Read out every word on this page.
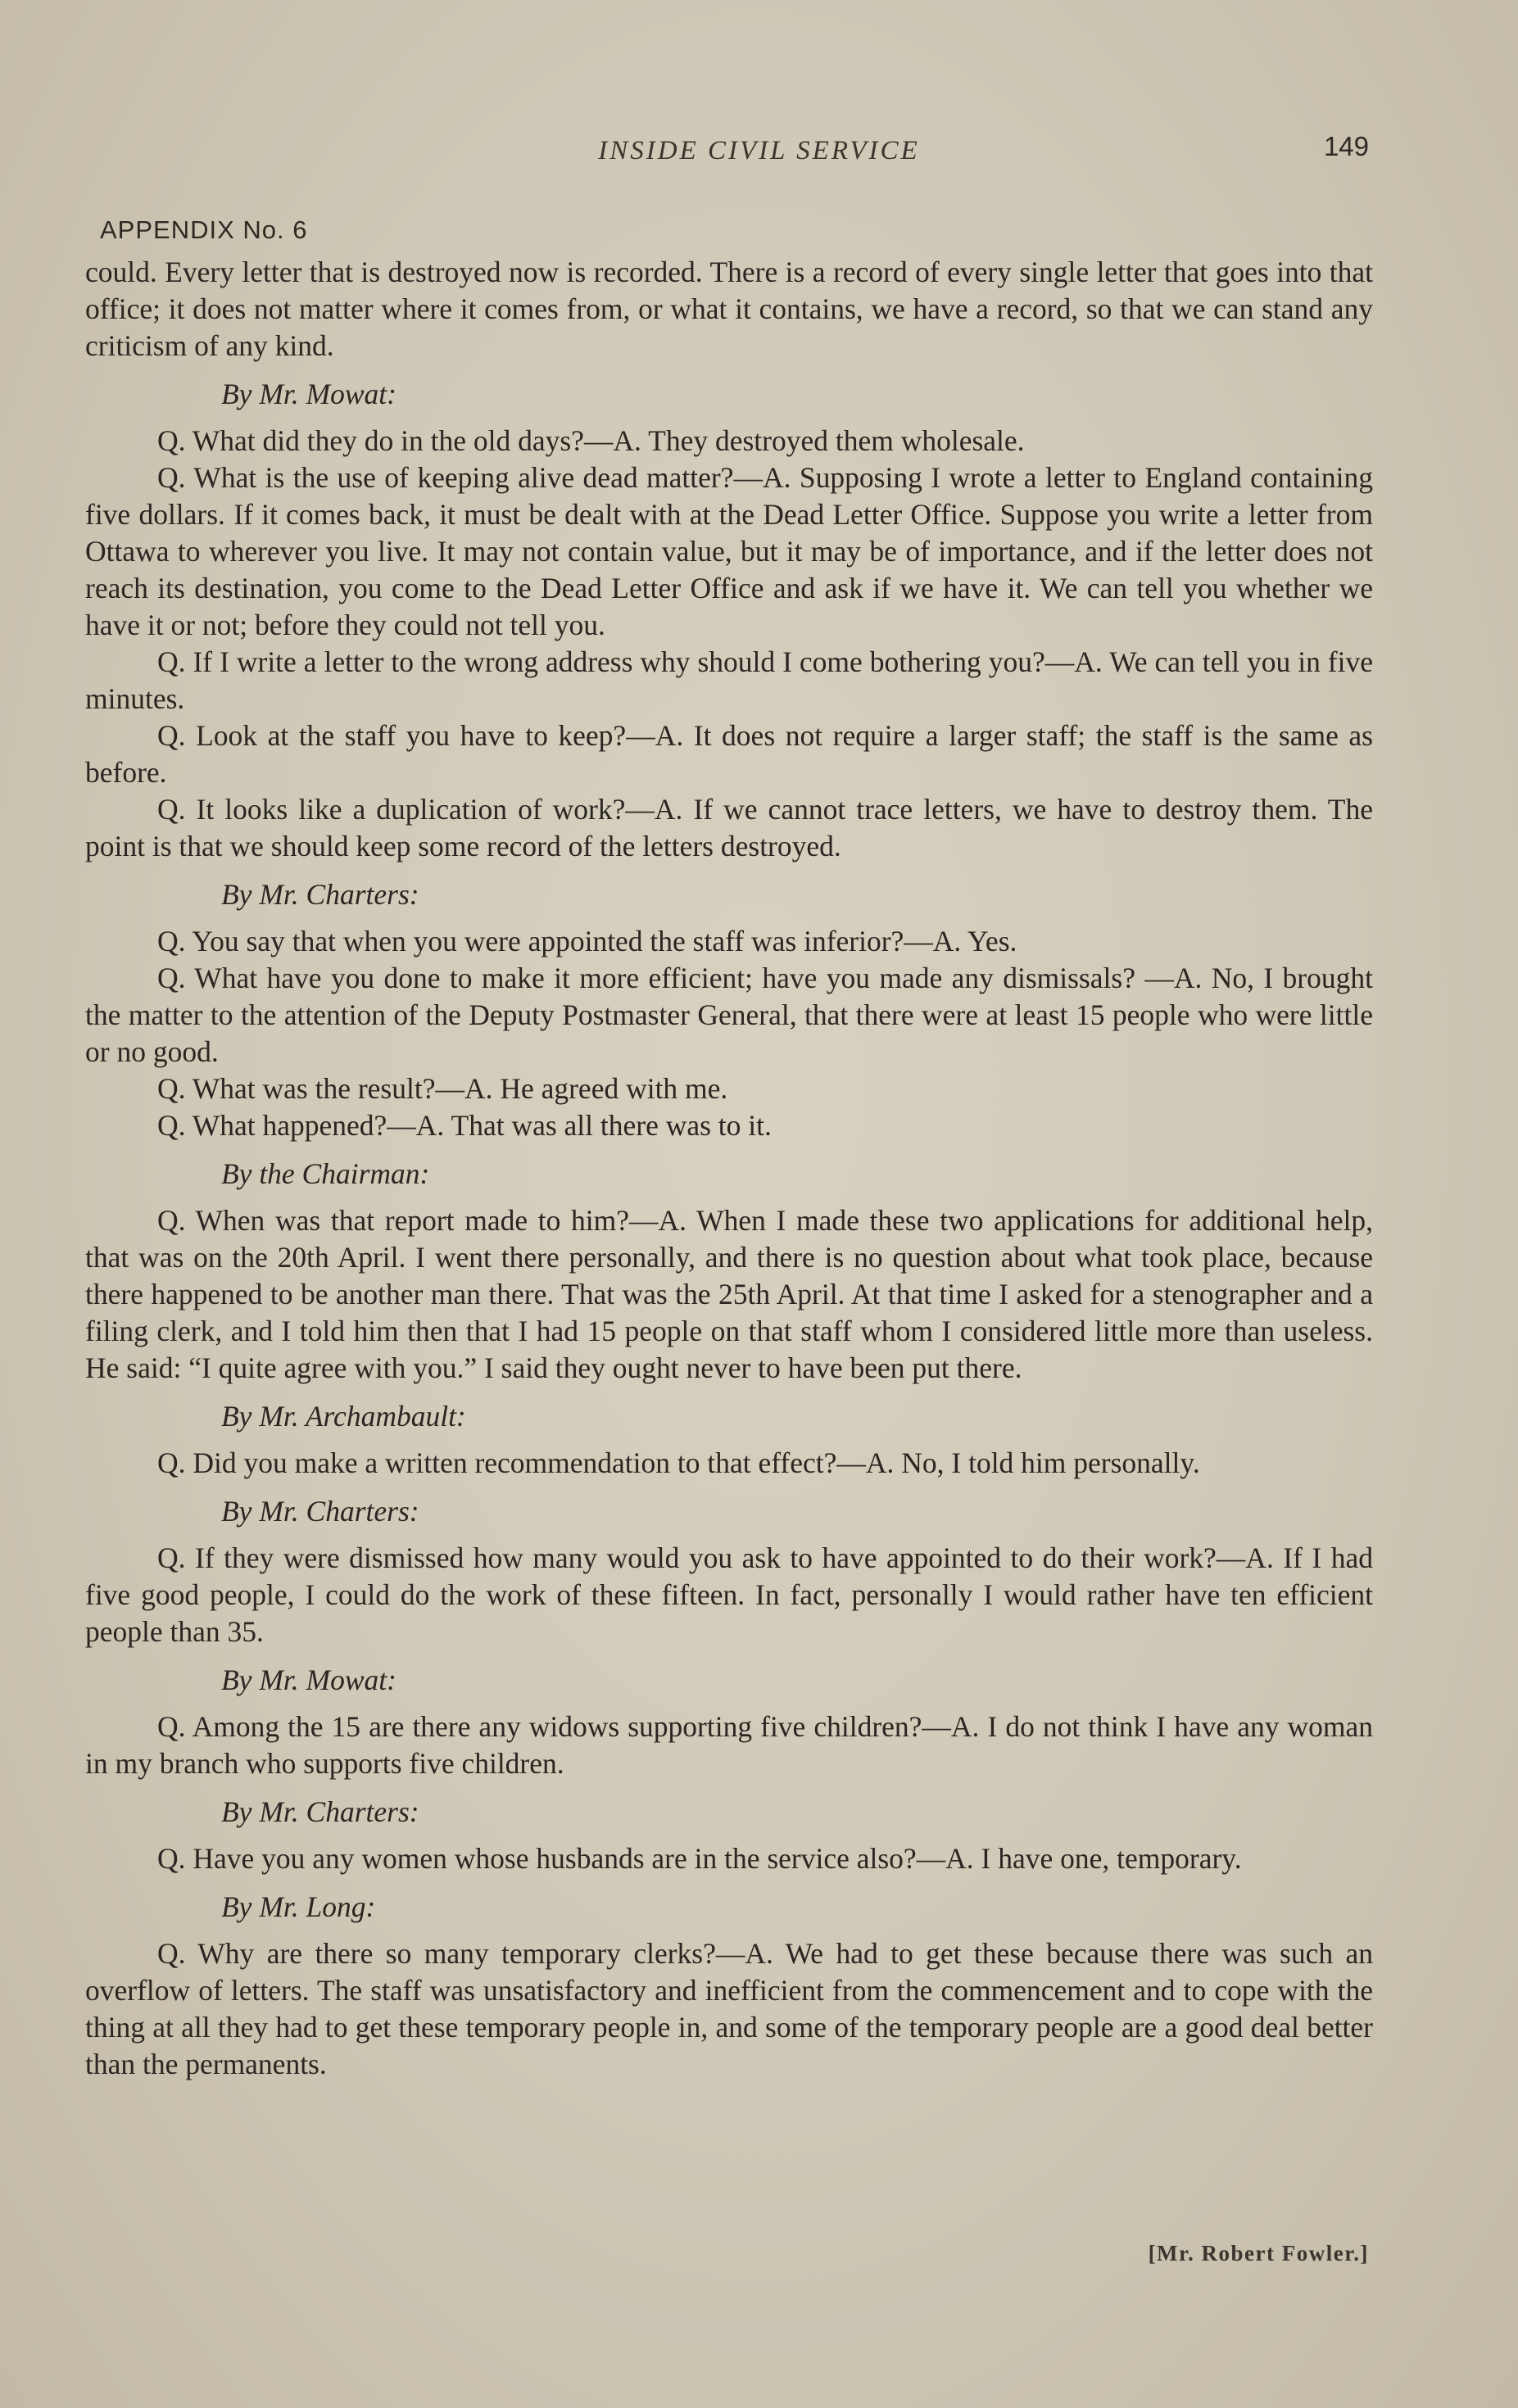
INSIDE CIVIL SERVICE	149
APPENDIX No. 6

could. Every letter that is destroyed now is recorded. There is a record of every single letter that goes into that office; it does not matter where it comes from, or what it contains, we have a record, so that we can stand any criticism of any kind.

By Mr. Mowat:

Q. What did they do in the old days?—A. They destroyed them wholesale.

Q. What is the use of keeping alive dead matter?—A. Supposing I wrote a letter to England containing five dollars. If it comes back, it must be dealt with at the Dead Letter Office. Suppose you write a letter from Ottawa to wherever you live. It may not contain value, but it may be of importance, and if the letter does not reach its destination, you come to the Dead Letter Office and ask if we have it. We can tell you whether we have it or not; before they could not tell you.

Q. If I write a letter to the wrong address why should I come bothering you?—A. We can tell you in five minutes.

Q. Look at the staff you have to keep?—A. It does not require a larger staff; the staff is the same as before.

Q. It looks like a duplication of work?—A. If we cannot trace letters, we have to destroy them. The point is that we should keep some record of the letters destroyed.

By Mr. Charters:

Q. You say that when you were appointed the staff was inferior?—A. Yes.

Q. What have you done to make it more efficient; have you made any dismissals? —A. No, I brought the matter to the attention of the Deputy Postmaster General, that there were at least 15 people who were little or no good.

Q. What was the result?—A. He agreed with me.

Q. What happened?—A. That was all there was to it.

By the Chairman:

Q. When was that report made to him?—A. When I made these two applications for additional help, that was on the 20th April. I went there personally, and there is no question about what took place, because there happened to be another man there. That was the 25th April. At that time I asked for a stenographer and a filing clerk, and I told him then that I had 15 people on that staff whom I considered little more than useless. He said: “I quite agree with you.” I said they ought never to have been put there.

By Mr. Archambault:

Q. Did you make a written recommendation to that effect?—A. No, I told him personally.

By Mr. Charters:

Q. If they were dismissed how many would you ask to have appointed to do their work?—A. If I had five good people, I could do the work of these fifteen. In fact, personally I would rather have ten efficient people than 35.

By Mr. Mowat:

Q. Among the 15 are there any widows supporting five children?—A. I do not think I have any woman in my branch who supports five children.

By Mr. Charters:

Q. Have you any women whose husbands are in the service also?—A. I have one, temporary.

By Mr. Long:

Q. Why are there so many temporary clerks?—A. We had to get these because there was such an overflow of letters. The staff was unsatisfactory and inefficient from the commencement and to cope with the thing at all they had to get these temporary people in, and some of the temporary people are a good deal better than the permanents.

[Mr. Robert Fowler.]
